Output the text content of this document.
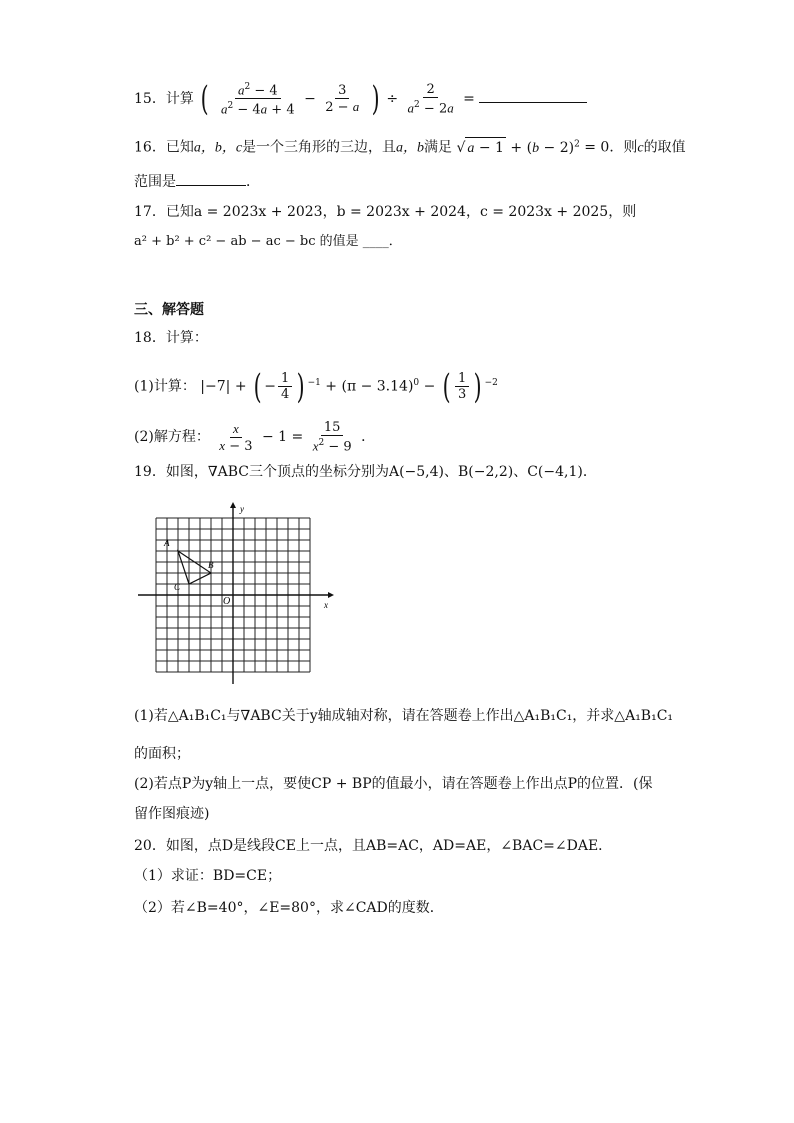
15．计算 ( $\frac{a^2 - 4}{a^2 - 4a + 4} - \frac{3}{2 - a}$ ) ÷ $\frac{2}{a^2 - 2a}$ =
16．已知a，b，c是一个三角形的三边，且a，b满足 √ $a - 1 + (b - 2)^2 = 0$．则c的取值
范围是	．
17．已知a = 2023x + 2023，b = 2023x + 2024，c = 2023x + 2025，则
a² + b² + c² − ab − ac − bc 的值是 ____．
三、解答题
18．计算：
(1)计算： |−7| + ( − $\frac{1}{4}$ ) $^{-1} + (\pi - 3.14)^0$ − ( $\frac{1}{3}$ ) $^{-2}$
(2)解方程： $\frac{x}{x - 3} - 1 = \frac{15}{x^2 - 9}$ ．
19．如图，∇ABC三个顶点的坐标分别为A(−5,4)、B(−2,2)、C(−4,1)．
y
x
O
A
B
C
(1)若△A₁B₁C₁与∇ABC关于y轴成轴对称，请在答题卷上作出△A₁B₁C₁，并求△A₁B₁C₁
的面积；
(2)若点P为y轴上一点，要使CP + BP的值最小，请在答题卷上作出点P的位置．(保
留作图痕迹)
20．如图，点D是线段CE上一点，且AB=AC，AD=AE，∠BAC=∠DAE．
（1）求证：BD=CE；
（2）若∠B=40°，∠E=80°，求∠CAD的度数．
